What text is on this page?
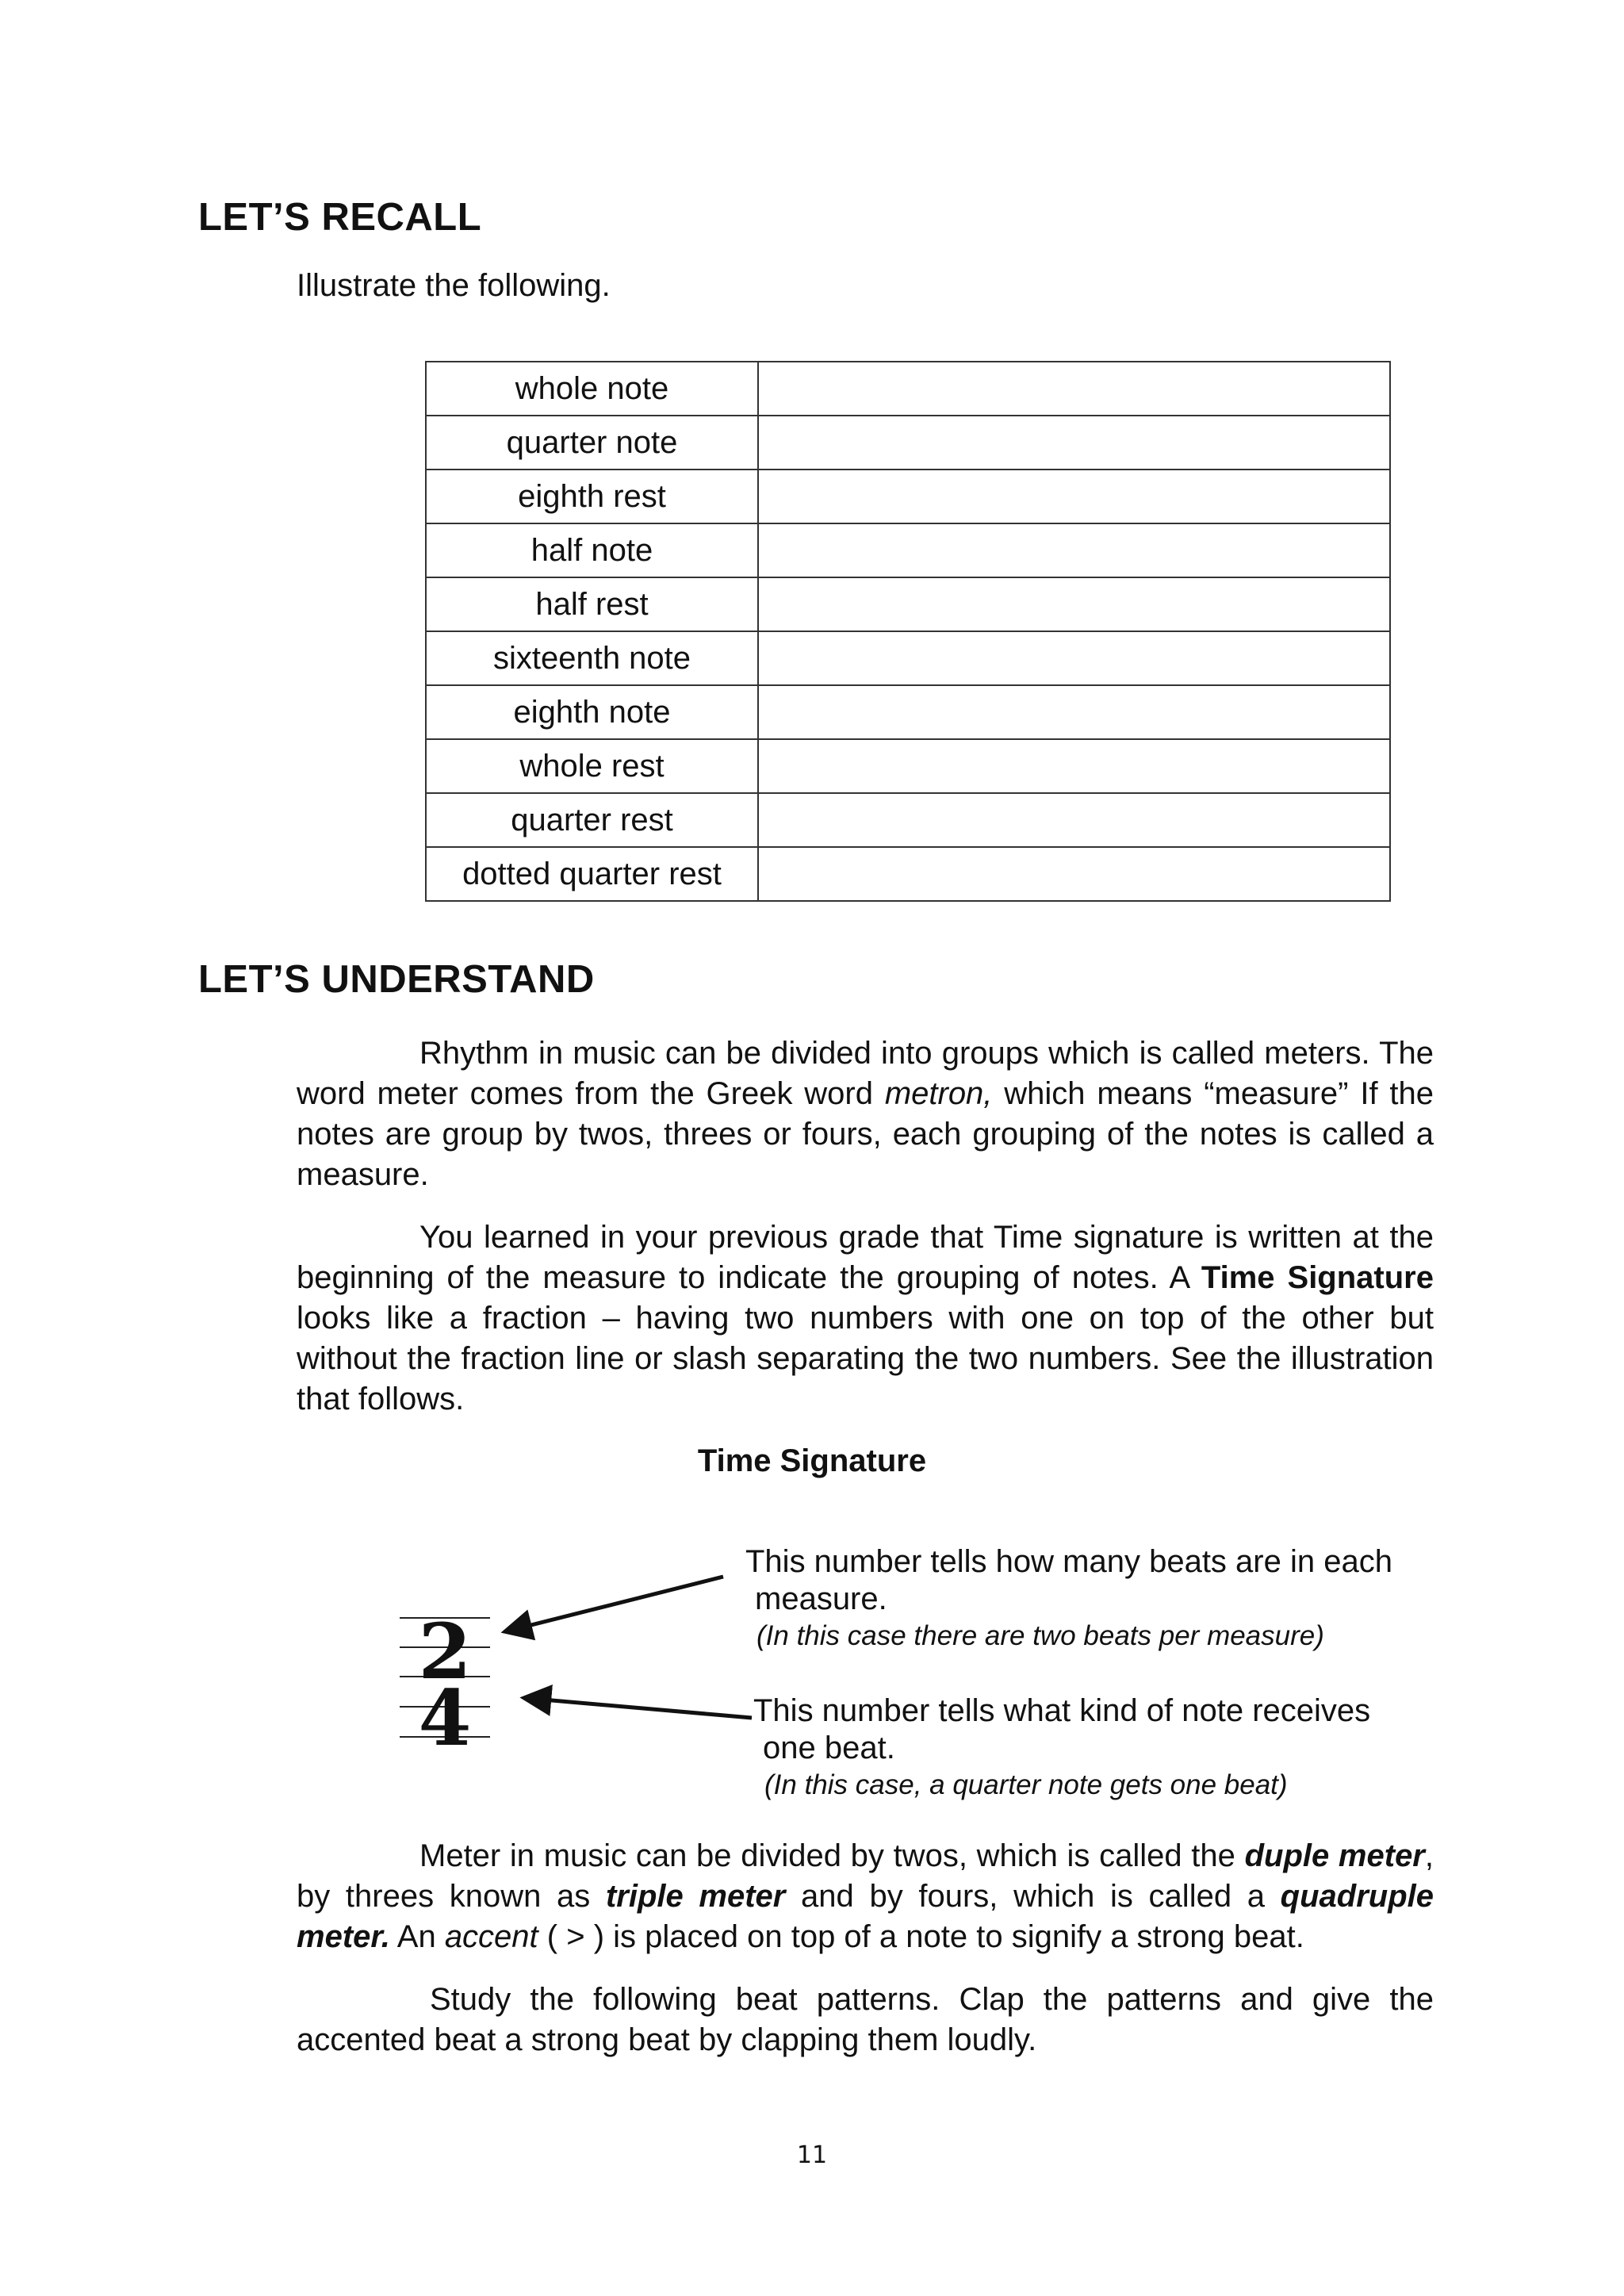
LET’S RECALL

Illustrate the following.

whole note	
quarter note	
eighth rest	
half note	
half rest	
sixteenth note	
eighth note	
whole rest	
quarter rest	
dotted quarter rest	
LET’S UNDERSTAND

Rhythm in music can be divided into groups which is called meters. The word meter comes from the Greek word metron, which means “measure” If the notes are group by twos, threes or fours, each grouping of the notes is called a measure.

You learned in your previous grade that Time signature is written at the beginning of the measure to indicate the grouping of notes. A Time Signature looks like a fraction – having two numbers with one on top of the other but without the fraction line or slash separating the two numbers. See the illustration that follows.

Time Signature

2
4

This number tells how many beats are in each
measure.
(In this case there are two beats per measure)

This number tells what kind of note receives
one beat.
(In this case, a quarter note gets one beat)

Meter in music can be divided by twos, which is called the duple meter, by threes known as triple meter and by fours, which is called a quadruple meter. An accent ( > ) is placed on top of a note to signify a strong beat.

Study the following beat patterns. Clap the patterns and give the accented beat a strong beat by clapping them loudly.

11
